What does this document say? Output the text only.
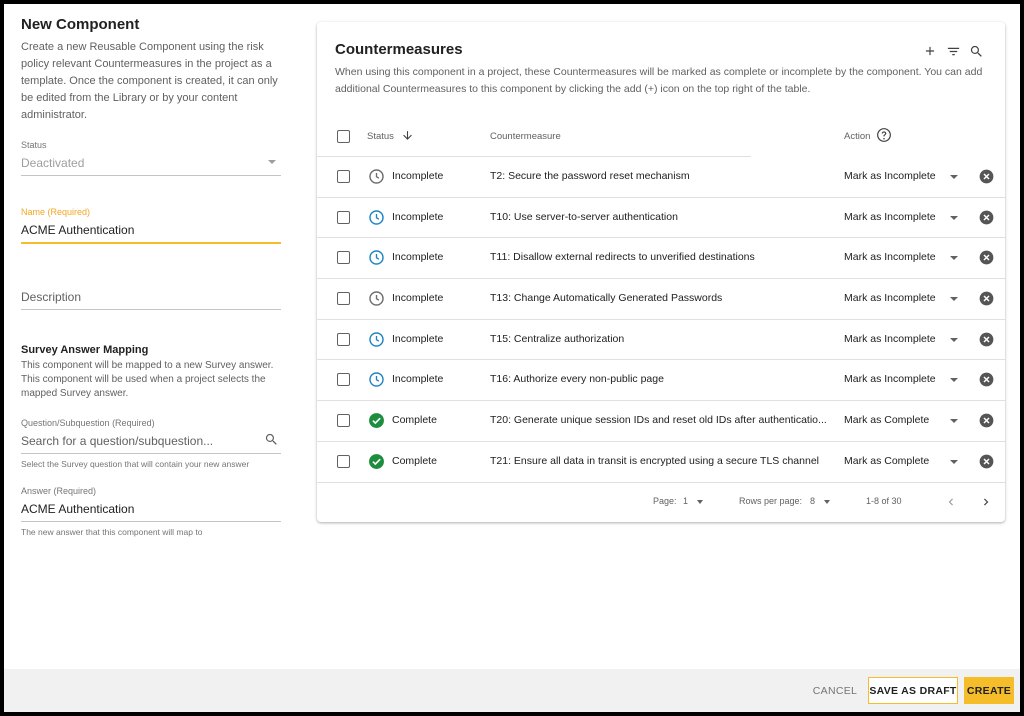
New Component

Create a new Reusable Component using the risk policy relevant Countermeasures in the project as a template. Once the component is created, it can only be edited from the Library or by your content administrator.

Status
Deactivated
Name (Required)
ACME Authentication
Description
Survey Answer Mapping

This component will be mapped to a new Survey answer. This component will be used when a project selects the mapped Survey answer.

Question/Subquestion (Required)
Search for a question/subquestion...
Select the Survey question that will contain your new answer
Answer (Required)
ACME Authentication
The new answer that this component will map to
Countermeasures
When using this component in a project, these Countermeasures will be marked as complete or incomplete by the component. You can add additional Countermeasures to this component by clicking the add (+) icon on the top right of the table.
Status	Countermeasure	Action
Incomplete	T2: Secure the password reset mechanism	Mark as Incomplete
Incomplete	T10: Use server-to-server authentication	Mark as Incomplete
Incomplete	T11: Disallow external redirects to unverified destinations	Mark as Incomplete
Incomplete	T13: Change Automatically Generated Passwords	Mark as Incomplete
Incomplete	T15: Centralize authorization	Mark as Incomplete
Incomplete	T16: Authorize every non-public page	Mark as Incomplete
Complete	T20: Generate unique session IDs and reset old IDs after authenticatio...	Mark as Complete
Complete	T21: Ensure all data in transit is encrypted using a secure TLS channel	Mark as Complete
Page: 1	Rows per page: 8	1-8 of 30
CANCEL	SAVE AS DRAFT CREATE
